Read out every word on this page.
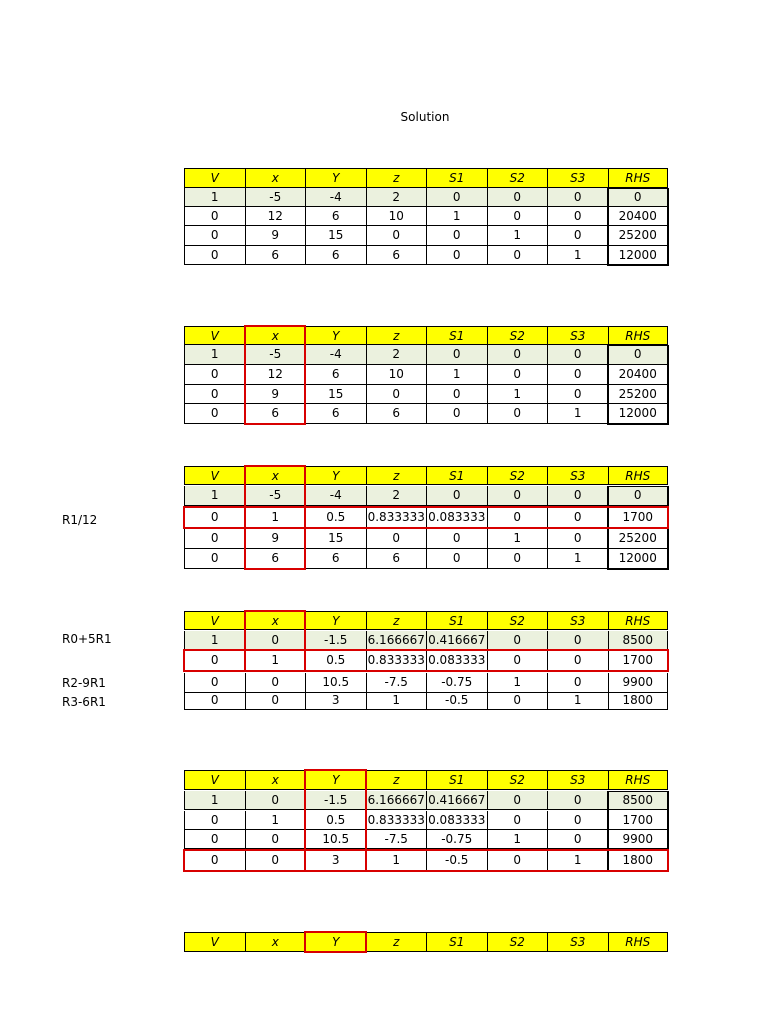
Solution
V	x	Y	z	S1	S2	S3	RHS
1	-5	-4	2	0	0	0	0
0	12	6	10	1	0	0	20400
0	9	15	0	0	1	0	25200
0	6	6	6	0	0	1	12000
V	x	Y	z	S1	S2	S3	RHS
1	-5	-4	2	0	0	0	0
0	12	6	10	1	0	0	20400
0	9	15	0	0	1	0	25200
0	6	6	6	0	0	1	12000
V	x	Y	z	S1	S2	S3	RHS
1	-5	-4	2	0	0	0	0
0	1	0.5	0.833333 0.083333	0	0	1700
0	9	15	0	0	1	0	25200
0	6	6	6	0	0	1	12000
R1/12
V	x	Y	z	S1	S2	S3	RHS
1	0	-1.5	6.166667 0.416667	0	0	8500
0	1	0.5	0.833333 0.083333	0	0	1700
0	0	10.5	-7.5	-0.75	1	0	9900
0	0	3	1	-0.5	0	1	1800
R0+5R1
R2-9R1
R3-6R1
V	x	Y	z	S1	S2	S3	RHS
1	0	-1.5	6.166667 0.416667	0	0	8500
0	1	0.5	0.833333 0.083333	0	0	1700
0	0	10.5	-7.5	-0.75	1	0	9900
0	0	3	1	-0.5	0	1	1800
V	x	Y	z	S1	S2	S3	RHS
